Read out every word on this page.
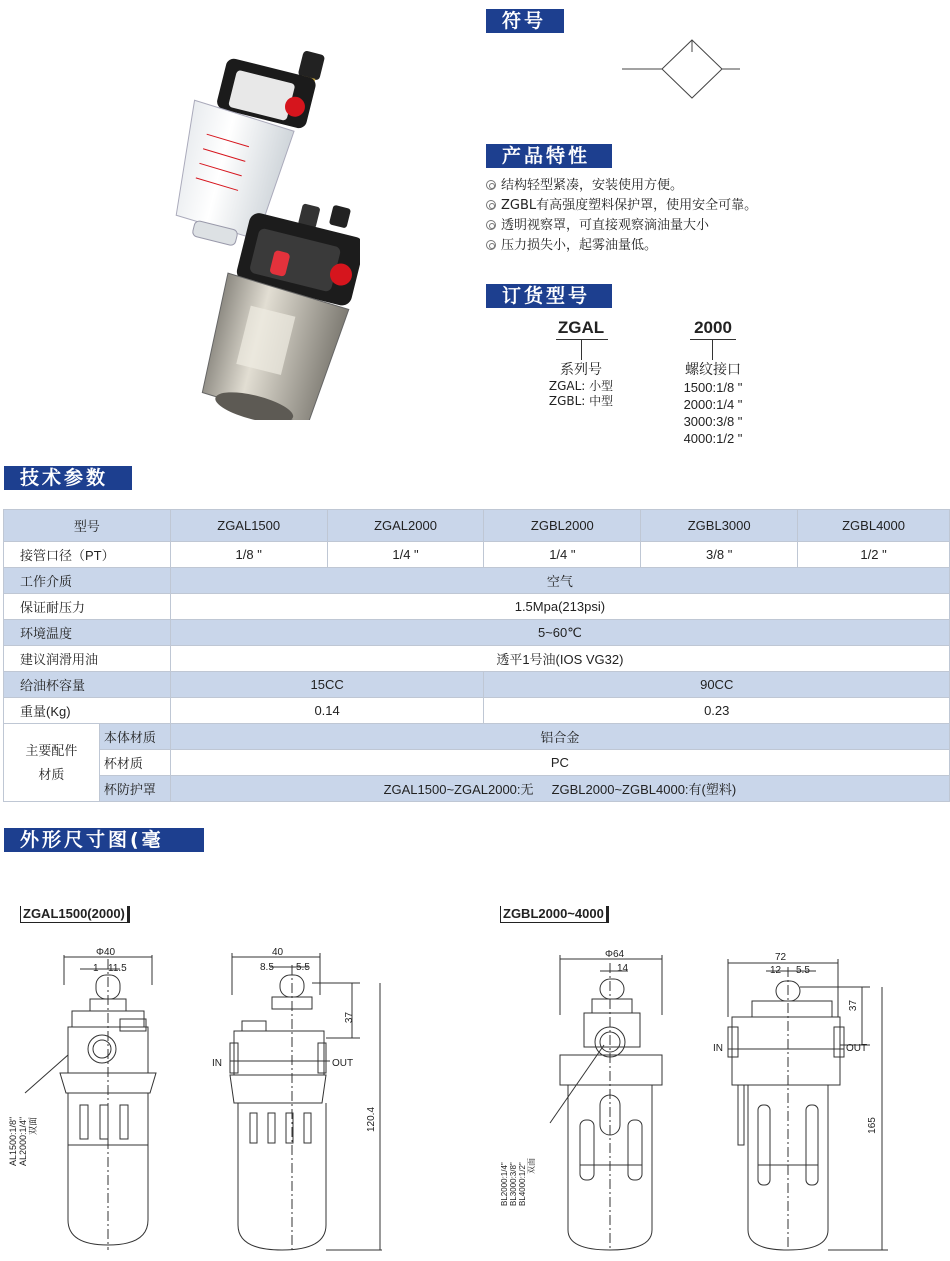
符号
产品特性
结构轻型紧凑，安装使用方便。
ZGBL有高强度塑料保护罩，使用安全可靠。
透明视察罩，可直接观察滴油量大小
压力损失小，起雾油量低。
订货型号
ZGAL
系列号
ZGAL: 小型
ZGBL: 中型
2000
螺纹接口
1500:1/8 "
2000:1/4 "
3000:3/8 "
4000:1/2 "
技术参数
型号		ZGAL1500	ZGAL2000	ZGBL2000	ZGBL3000	ZGBL4000
接管口径（PT）		1/8 "	1/4 "	1/4 "	3/8 "	1/2 "
工作介质		空气				
保证耐压力		1.5Mpa(213psi)				
环境温度		5~60℃				
建议润滑用油		透平1号油(IOS VG32)				
给油杯容量		15CC		90CC		
重量(Kg)		0.14		0.23		

主要配件
材质	本体材质	铝合金				
	杯材质	PC				
	杯防护罩	ZGAL1500~ZGAL2000:无     ZGBL2000~ZGBL4000:有(塑料)				
外形尺寸图(毫米)
ZGAL1500(2000)	ZGBL2000~4000
Φ40
1 11.5
AL1500:1/8" AL2000:1/4" 双面
40
8.5 5.5
37
120.4
IN	OUT
Φ64
14
BL2000:1/4" BL3000:3/8" BL4000:1/2" 双面
72
12 5.5
37
165
IN	OUT
